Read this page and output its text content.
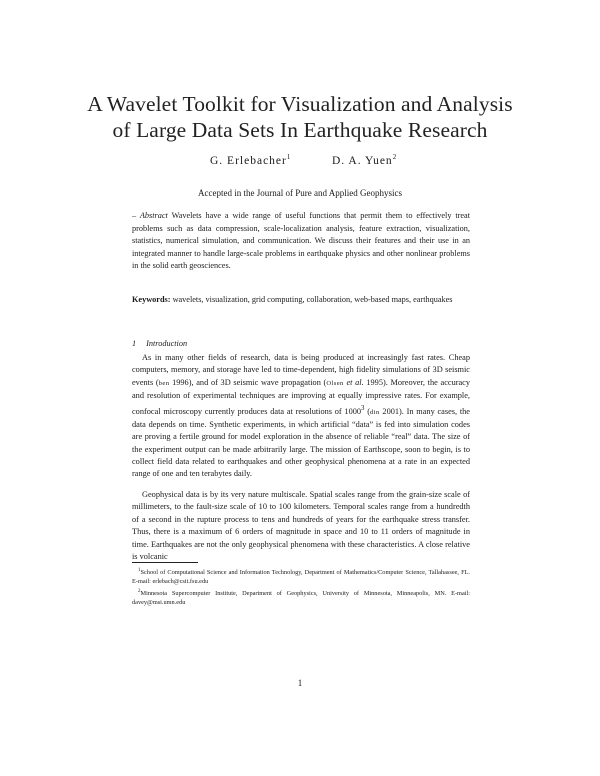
A Wavelet Toolkit for Visualization and Analysis
of Large Data Sets In Earthquake Research
G. Erlebacher$^1$	D. A. Yuen$^2$
Accepted in the Journal of Pure and Applied Geophysics

– Abstract Wavelets have a wide range of useful functions that permit them to effectively treat problems such as data compression, scale-localization analysis, feature extraction, visualization, statistics, numerical simulation, and communication. We discuss their features and their use in an integrated manner to handle large-scale problems in earthquake physics and other nonlinear problems in the solid earth geosciences.

Keywords: wavelets, visualization, grid computing, collaboration, web-based maps, earthquakes

1 Introduction

As in many other fields of research, data is being produced at increasingly fast rates. Cheap computers, memory, and storage have led to time-dependent, high fidelity simulations of 3D seismic events (ben 1996), and of 3D seismic wave propagation (Olsen et al. 1995). Moreover, the accuracy and resolution of experimental techniques are improving at equally impressive rates. For example, confocal microscopy currently produces data at resolutions of 1000$^3$ (din 2001). In many cases, the data depends on time. Synthetic experiments, in which artificial “data” is fed into simulation codes are proving a fertile ground for model exploration in the absence of reliable “real” data. The size of the experiment output can be made arbitrarily large. The mission of Earthscope, soon to begin, is to collect field data related to earthquakes and other geophysical phenomena at a rate in an expected range of one and ten terabytes daily.

Geophysical data is by its very nature multiscale. Spatial scales range from the grain-size scale of millimeters, to the fault-size scale of 10 to 100 kilometers. Temporal scales range from a hundredth of a second in the rupture process to tens and hundreds of years for the earthquake stress transfer. Thus, there is a maximum of 6 orders of magnitude in space and 10 to 11 orders of magnitude in time. Earthquakes are not the only geophysical phenomena with these characteristics. A close relative is volcanic

$^1$School of Computational Science and Information Technology, Department of Mathematics/Computer Science, Tallahassee, FL. E-mail: erlebach@csit.fsu.edu

$^2$Minnesota Supercomputer Institute, Department of Geophysics, University of Minnesota, Minneapolis, MN. E-mail: davey@msi.umn.edu

1
